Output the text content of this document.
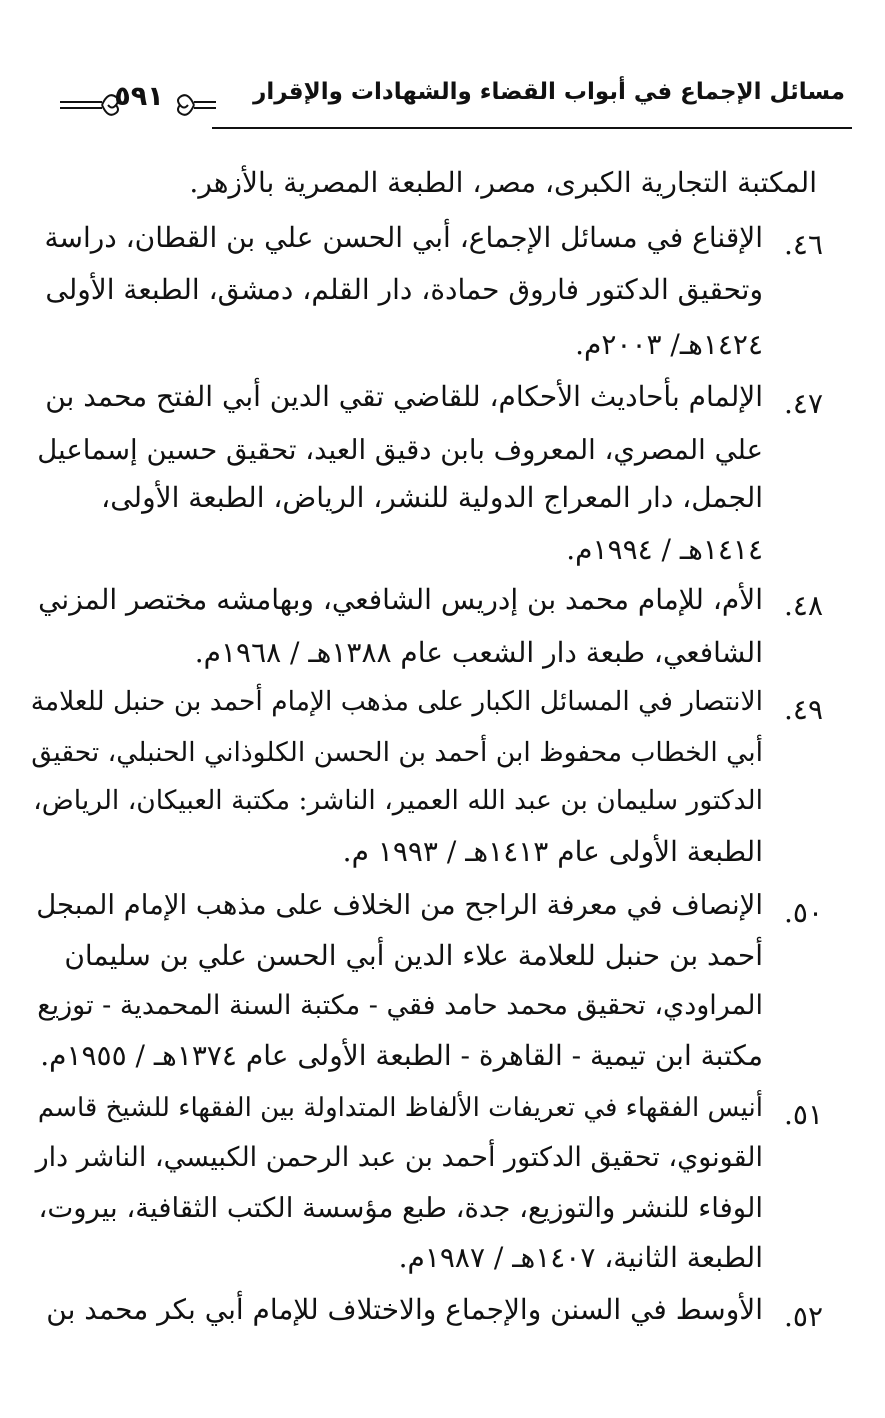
مسائل الإجماع في أبواب القضاء والشهادات والإقرار
٥٩١
المكتبة التجارية الكبرى، مصر، الطبعة المصرية بالأزهر.
٤٦.
الإقناع في مسائل الإجماع، أبي الحسن علي بن القطان، دراسة
وتحقيق الدكتور فاروق حمادة، دار القلم، دمشق، الطبعة الأولى
١٤٢٤هـ/ ٢٠٠٣م.
٤٧.
الإلمام بأحاديث الأحكام، للقاضي تقي الدين أبي الفتح محمد بن
علي المصري، المعروف بابن دقيق العيد، تحقيق حسين إسماعيل
الجمل، دار المعراج الدولية للنشر، الرياض، الطبعة الأولى،
١٤١٤هـ / ١٩٩٤م.
٤٨.
الأم، للإمام محمد بن إدريس الشافعي، وبهامشه مختصر المزني
الشافعي، طبعة دار الشعب عام ١٣٨٨هـ / ١٩٦٨م.
٤٩.
الانتصار في المسائل الكبار على مذهب الإمام أحمد بن حنبل للعلامة
أبي الخطاب محفوظ ابن أحمد بن الحسن الكلوذاني الحنبلي، تحقيق
الدكتور سليمان بن عبد الله العمير، الناشر: مكتبة العبيكان، الرياض،
الطبعة الأولى عام ١٤١٣هـ / ١٩٩٣ م.
٥٠.
الإنصاف في معرفة الراجح من الخلاف على مذهب الإمام المبجل
أحمد بن حنبل للعلامة علاء الدين أبي الحسن علي بن سليمان
المراودي، تحقيق محمد حامد فقي - مكتبة السنة المحمدية - توزيع
مكتبة ابن تيمية - القاهرة - الطبعة الأولى عام ١٣٧٤هـ / ١٩٥٥م.
٥١.
أنيس الفقهاء في تعريفات الألفاظ المتداولة بين الفقهاء للشيخ قاسم
القونوي، تحقيق الدكتور أحمد بن عبد الرحمن الكبيسي، الناشر دار
الوفاء للنشر والتوزيع، جدة، طبع مؤسسة الكتب الثقافية، بيروت،
الطبعة الثانية، ١٤٠٧هـ / ١٩٨٧م.
٥٢.
الأوسط في السنن والإجماع والاختلاف للإمام أبي بكر محمد بن
